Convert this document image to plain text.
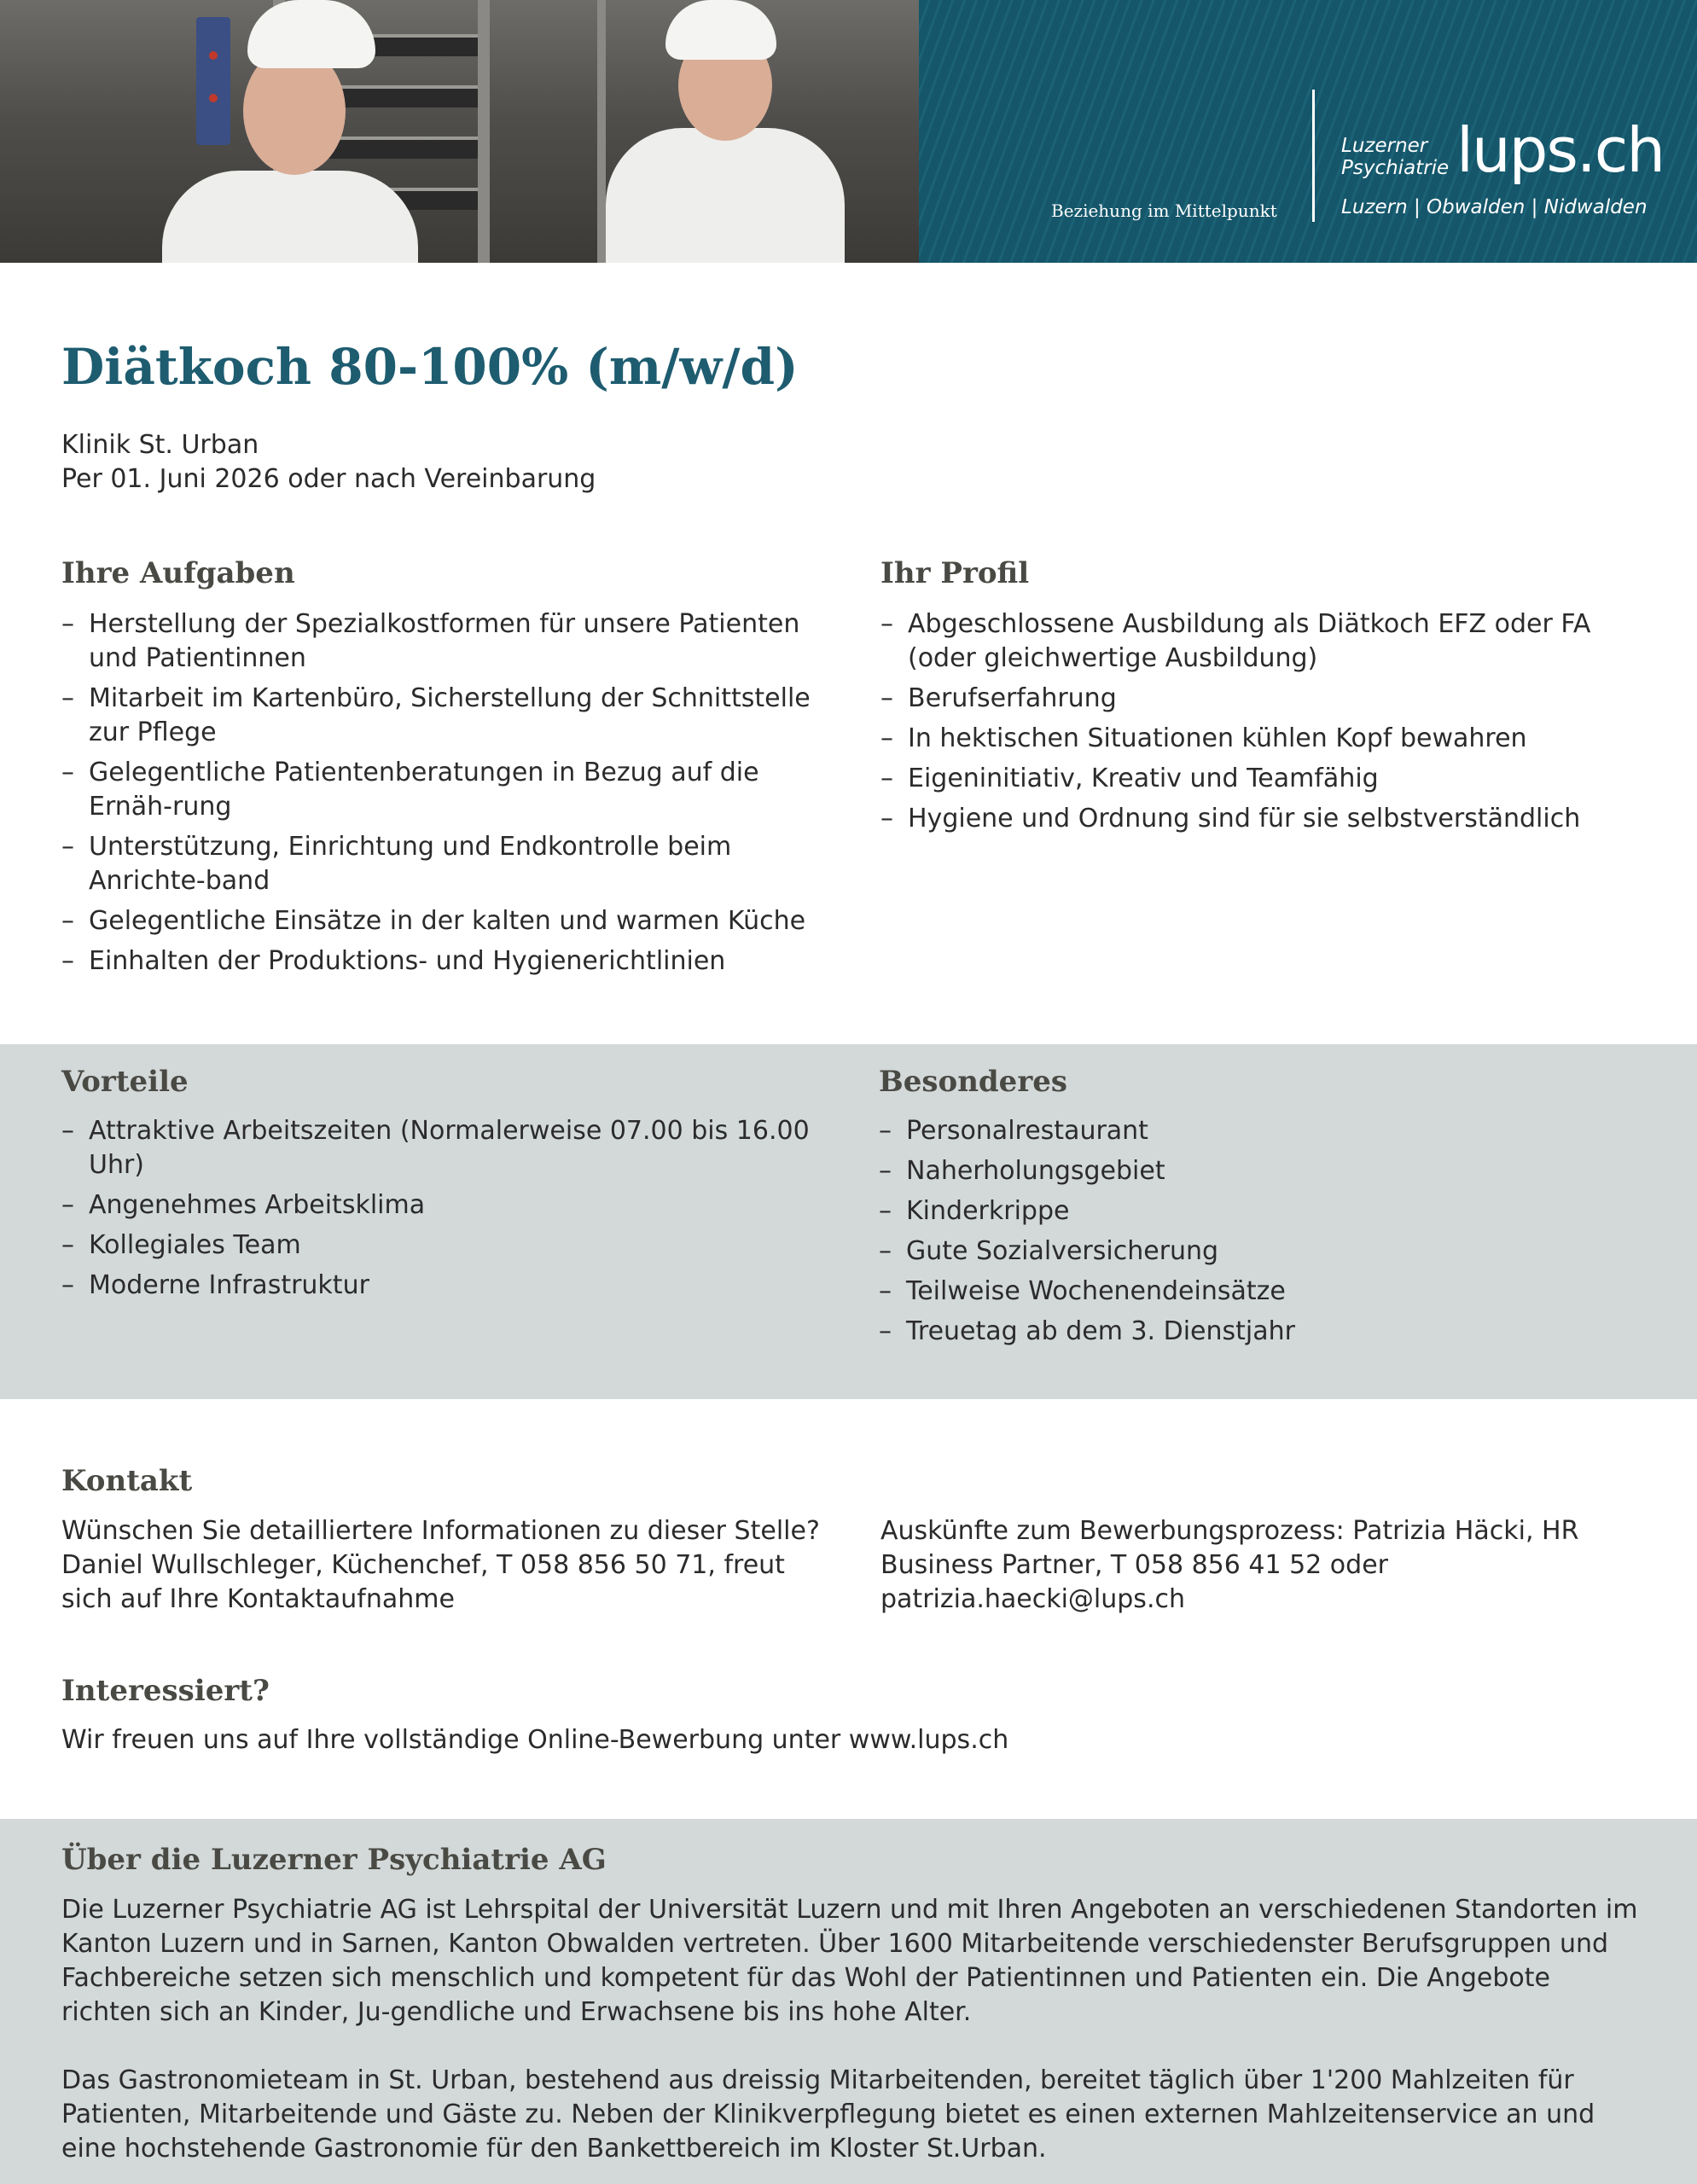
Beziehung im Mittelpunkt
Luzerner
Psychiatrie lups.ch
Luzern | Obwalden | Nidwalden
Diätkoch 80-100% (m/w/d)
Klinik St. Urban
Per 01. Juni 2026 oder nach Vereinbarung
Ihre Aufgaben
– Herstellung der Spezialkostformen für unsere Patienten und Patientinnen
– Mitarbeit im Kartenbüro, Sicherstellung der Schnittstelle zur Pflege
– Gelegentliche Patientenberatungen in Bezug auf die Ernäh-rung
– Unterstützung, Einrichtung und Endkontrolle beim Anrichte-band
– Gelegentliche Einsätze in der kalten und warmen Küche
– Einhalten der Produktions- und Hygienerichtlinien
Ihr Profil
– Abgeschlossene Ausbildung als Diätkoch EFZ oder FA (oder gleichwertige Ausbildung)
– Berufserfahrung
– In hektischen Situationen kühlen Kopf bewahren
– Eigeninitiativ, Kreativ und Teamfähig
– Hygiene und Ordnung sind für sie selbstverständlich
Vorteile
– Attraktive Arbeitszeiten (Normalerweise 07.00 bis 16.00 Uhr)
– Angenehmes Arbeitsklima
– Kollegiales Team
– Moderne Infrastruktur
Besonderes
– Personalrestaurant
– Naherholungsgebiet
– Kinderkrippe
– Gute Sozialversicherung
– Teilweise Wochenendeinsätze
– Treuetag ab dem 3. Dienstjahr
Kontakt

Wünschen Sie detailliertere Informationen zu dieser Stelle? Daniel Wullschleger, Küchenchef, T 058 856 50 71, freut sich auf Ihre Kontaktaufnahme

Auskünfte zum Bewerbungsprozess: Patrizia Häcki, HR Business Partner, T 058 856 41 52 oder patrizia.haecki@lups.ch

Interessiert?

Wir freuen uns auf Ihre vollständige Online-Bewerbung unter www.lups.ch

Über die Luzerner Psychiatrie AG

Die Luzerner Psychiatrie AG ist Lehrspital der Universität Luzern und mit Ihren Angeboten an verschiedenen Standorten im Kanton Luzern und in Sarnen, Kanton Obwalden vertreten. Über 1600 Mitarbeitende verschiedenster Berufsgruppen und Fachbereiche setzen sich menschlich und kompetent für das Wohl der Patientinnen und Patienten ein. Die Angebote richten sich an Kinder, Ju-gendliche und Erwachsene bis ins hohe Alter.

Das Gastronomieteam in St. Urban, bestehend aus dreissig Mitarbeitenden, bereitet täglich über 1'200 Mahlzeiten für Patienten, Mitarbeitende und Gäste zu. Neben der Klinikverpflegung bietet es einen externen Mahlzeitenservice an und eine hochstehende Gastronomie für den Bankettbereich im Kloster St.Urban.
